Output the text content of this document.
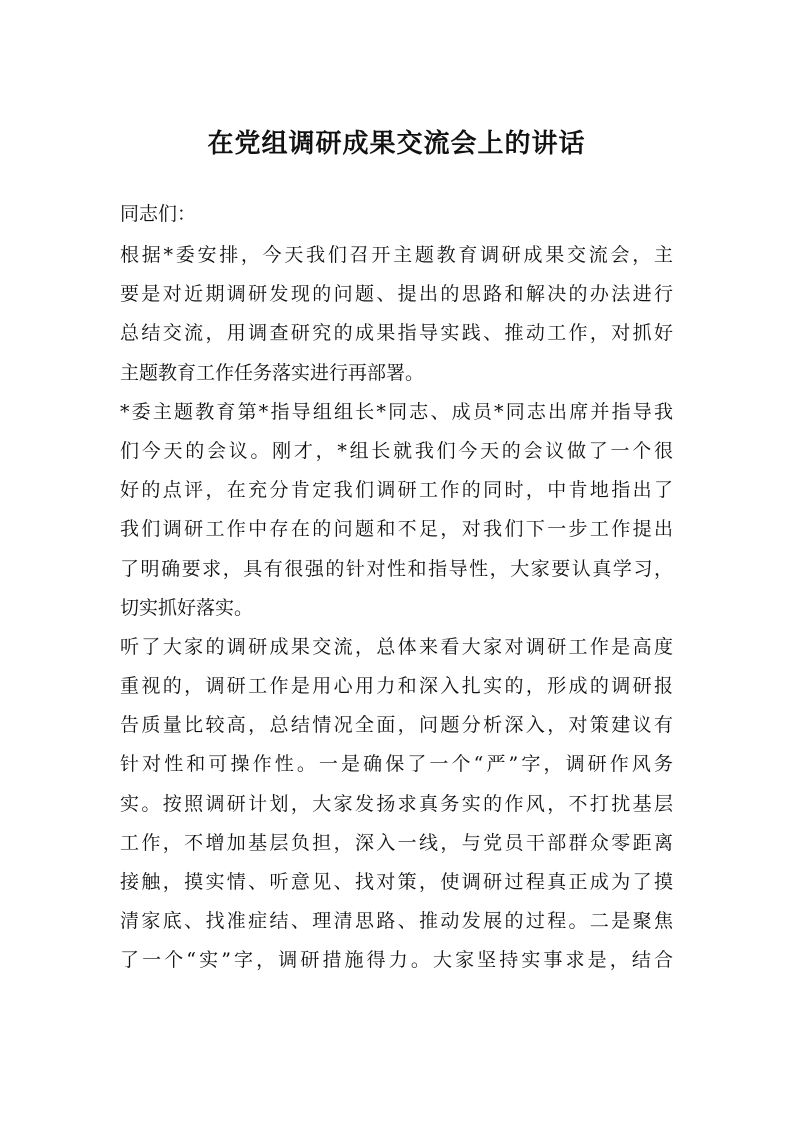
在党组调研成果交流会上的讲话
同志们：
根据*委安排，今天我们召开主题教育调研成果交流会，主
要是对近期调研发现的问题、提出的思路和解决的办法进行
总结交流，用调查研究的成果指导实践、推动工作，对抓好
主题教育工作任务落实进行再部署。
*委主题教育第*指导组组长*同志、成员*同志出席并指导我
们今天的会议。刚才，*组长就我们今天的会议做了一个很
好的点评，在充分肯定我们调研工作的同时，中肯地指出了
我们调研工作中存在的问题和不足，对我们下一步工作提出
了明确要求，具有很强的针对性和指导性，大家要认真学习，
切实抓好落实。
听了大家的调研成果交流，总体来看大家对调研工作是高度
重视的，调研工作是用心用力和深入扎实的，形成的调研报
告质量比较高，总结情况全面，问题分析深入，对策建议有
针对性和可操作性。一是确保了一个“严”字，调研作风务
实。按照调研计划，大家发扬求真务实的作风，不打扰基层
工作，不增加基层负担，深入一线，与党员干部群众零距离
接触，摸实情、听意见、找对策，使调研过程真正成为了摸
清家底、找准症结、理清思路、推动发展的过程。二是聚焦
了一个“实”字，调研措施得力。大家坚持实事求是，结合
